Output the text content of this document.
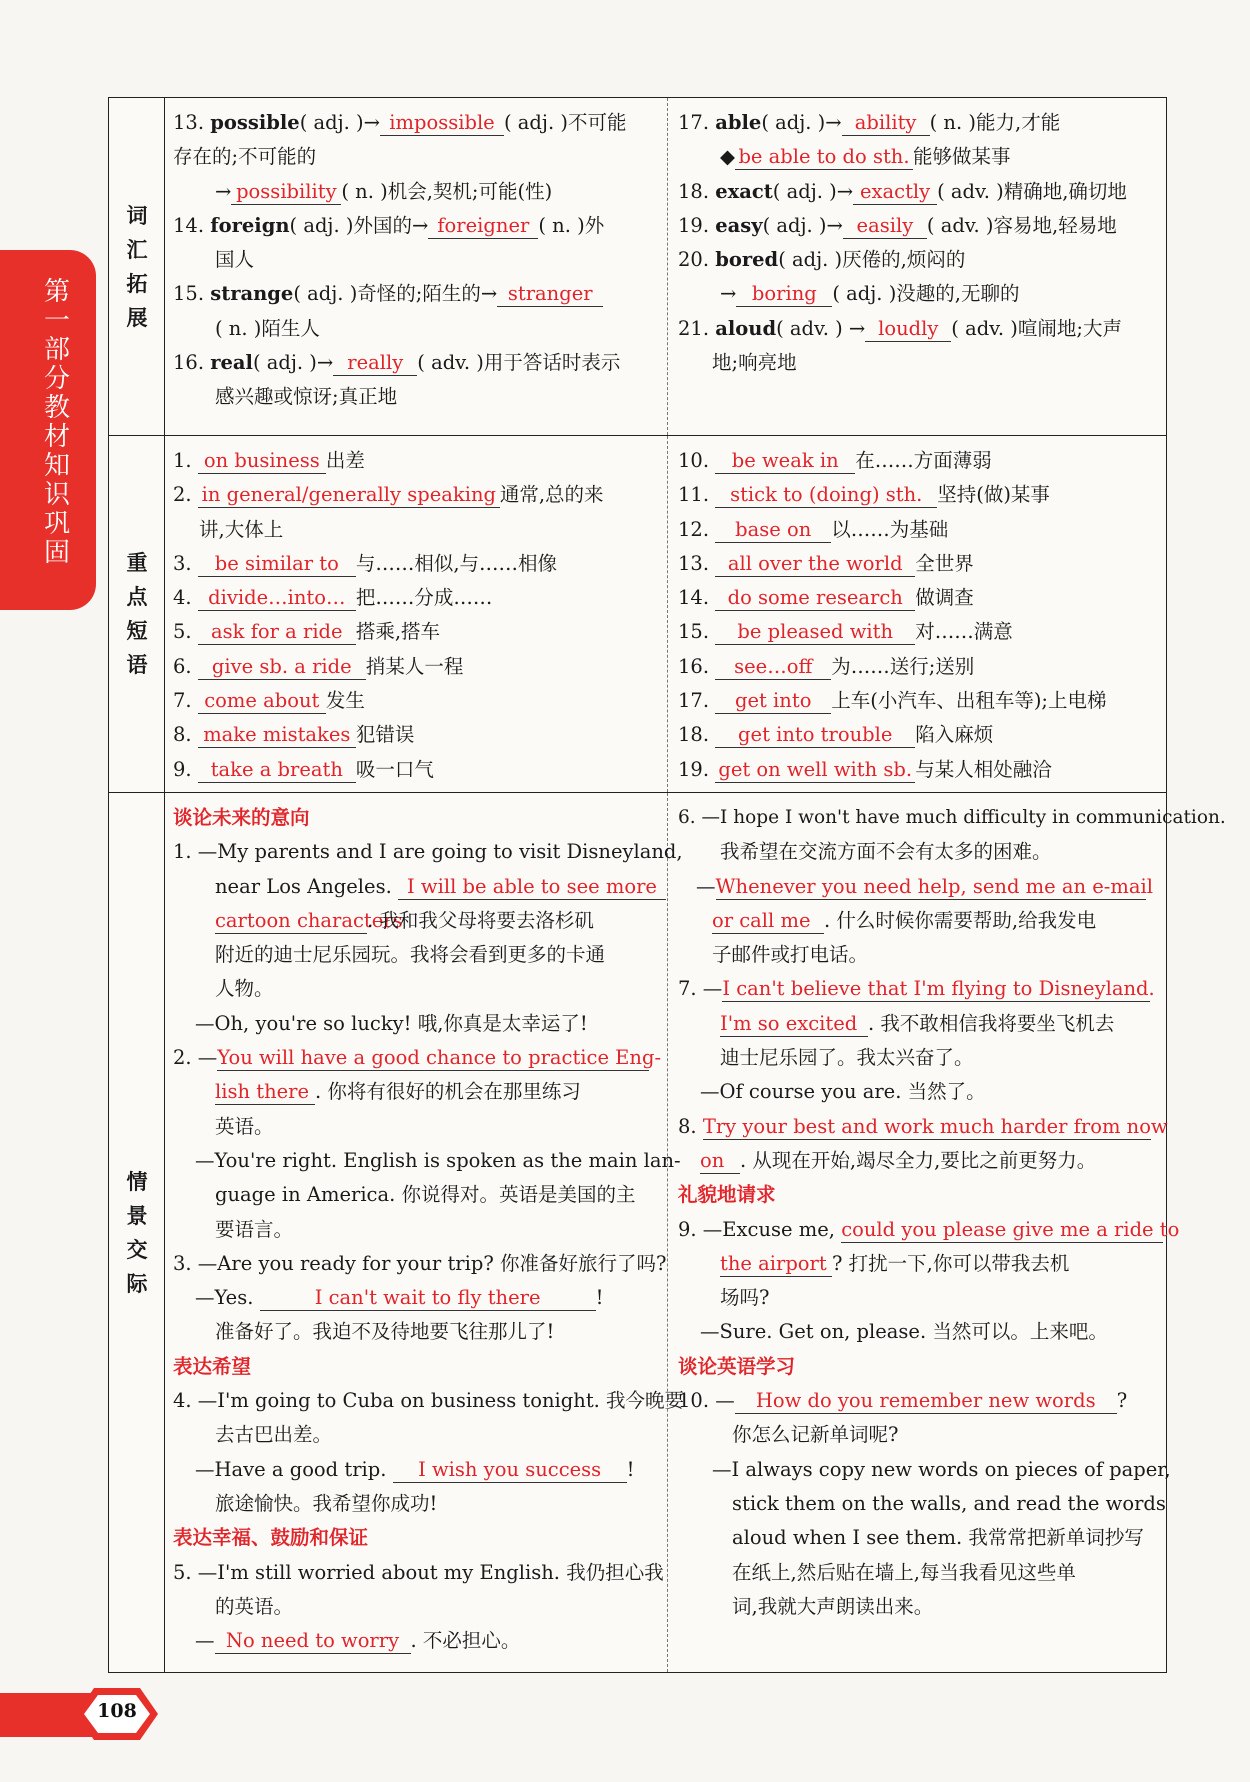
第一部分 教材知识巩固
词汇拓展
13. possible( adj. )→ impossible ( adj. )不可能
存在的;不可能的
→ possibility ( n. )机会,契机;可能(性)
14. foreign( adj. )外国的→ foreigner ( n. )外
国人
15. strange( adj. )奇怪的;陌生的→ stranger
( n. )陌生人
16. real( adj. )→ really ( adv. )用于答话时表示
感兴趣或惊讶;真正地
17. able( adj. )→ ability ( n. )能力,才能
◆ be able to do sth. 能够做某事
18. exact( adj. )→ exactly ( adv. )精确地,确切地
19. easy( adj. )→ easily ( adv. )容易地,轻易地
20. bored( adj. )厌倦的,烦闷的
→ boring ( adj. )没趣的,无聊的
21. aloud( adv. ) → loudly ( adv. )喧闹地;大声
地;响亮地
重点短语
1. on business 出差
2. in general/generally speaking 通常,总的来
讲,大体上
3. be similar to 与……相似,与……相像
4. divide…into… 把……分成……
5. ask for a ride 搭乘,搭车
6. give sb. a ride 捎某人一程
7. come about 发生
8. make mistakes 犯错误
9. take a breath 吸一口气
10. be weak in 在……方面薄弱
11. stick to (doing) sth. 坚持(做)某事
12. base on 以……为基础
13. all over the world 全世界
14. do some research 做调查
15. be pleased with 对……满意
16. see…off 为……送行;送别
17. get into 上车(小汽车、出租车等);上电梯
18. get into trouble 陷入麻烦
19. get on well with sb. 与某人相处融洽
情景交际
谈论未来的意向
1. —My parents and I are going to visit Disneyland,
near Los Angeles. I will be able to see more
cartoon characters. 我和我父母将要去洛杉矶
附近的迪士尼乐园玩。我将会看到更多的卡通
人物。
—Oh, you're so lucky! 哦,你真是太幸运了!
2. —You will have a good chance to practice Eng-
lish there . 你将有很好的机会在那里练习
英语。
—You're right. English is spoken as the main lan-
guage in America. 你说得对。英语是美国的主
要语言。
3. —Are you ready for your trip? 你准备好旅行了吗?
—Yes.	I can't wait to fly there	!
准备好了。我迫不及待地要飞往那儿了!
表达希望
4. —I'm going to Cuba on business tonight. 我今晚要
去古巴出差。
—Have a good trip. I wish you success !
旅途愉快。我希望你成功!
表达幸福、鼓励和保证
5. —I'm still worried about my English. 我仍担心我
的英语。
— No need to worry . 不必担心。
6. —I hope I won't have much difficulty in communication.
我希望在交流方面不会有太多的困难。
—Whenever you need help, send me an e-mail
or call me . 什么时候你需要帮助,给我发电
子邮件或打电话。
7. —I can't believe that I'm flying to Disneyland.
I'm so excited . 我不敢相信我将要坐飞机去
迪士尼乐园了。我太兴奋了。
—Of course you are. 当然了。
8. Try your best and work much harder from now
on . 从现在开始,竭尽全力,要比之前更努力。
礼貌地请求
9. —Excuse me, could you please give me a ride to
the airport ? 打扰一下,你可以带我去机
场吗?
—Sure. Get on, please. 当然可以。上来吧。
谈论英语学习
10. — How do you remember new words ?
你怎么记新单词呢?
—I always copy new words on pieces of paper,
stick them on the walls, and read the words
aloud when I see them. 我常常把新单词抄写
在纸上,然后贴在墙上,每当我看见这些单
词,我就大声朗读出来。
108
